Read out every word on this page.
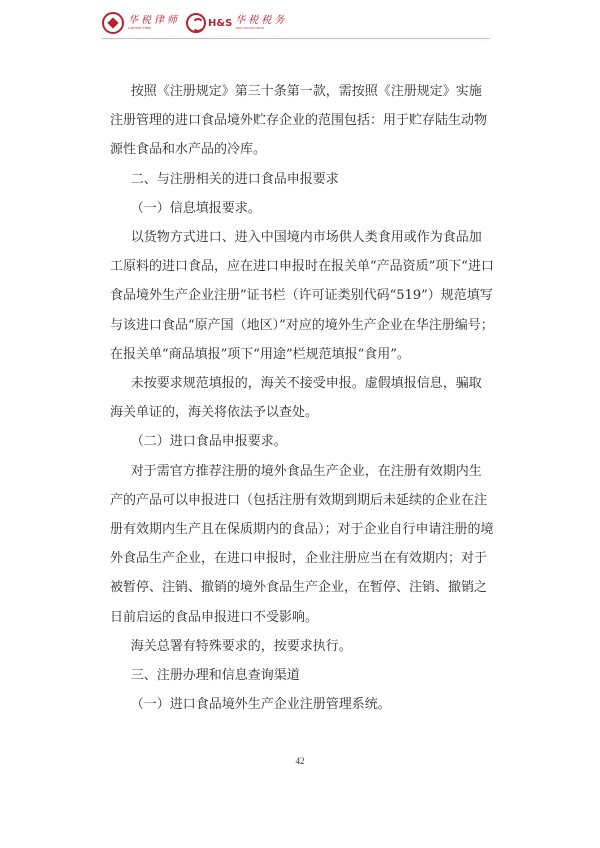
华税律师
LAWYER FIRM	H&S 华税税务
TAX CONSULTING

按照《注册规定》第三十条第一款，需按照《注册规定》实施注册管理的进口食品境外贮存企业的范围包括：用于贮存陆生动物源性食品和水产品的冷库。

二、与注册相关的进口食品申报要求

（一）信息填报要求。

以货物方式进口、进入中国境内市场供人类食用或作为食品加工原料的进口食品，应在进口申报时在报关单“产品资质”项下“进口食品境外生产企业注册”证书栏（许可证类别代码“519”）规范填写与该进口食品“原产国（地区）”对应的境外生产企业在华注册编号；在报关单“商品填报”项下“用途”栏规范填报“食用”。

未按要求规范填报的，海关不接受申报。虚假填报信息，骗取海关单证的，海关将依法予以查处。

（二）进口食品申报要求。

对于需官方推荐注册的境外食品生产企业，在注册有效期内生产的产品可以申报进口（包括注册有效期到期后未延续的企业在注册有效期内生产且在保质期内的食品）；对于企业自行申请注册的境外食品生产企业，在进口申报时，企业注册应当在有效期内；对于被暂停、注销、撤销的境外食品生产企业，在暂停、注销、撤销之日前启运的食品申报进口不受影响。

海关总署有特殊要求的，按要求执行。

三、注册办理和信息查询渠道

（一）进口食品境外生产企业注册管理系统。

42
